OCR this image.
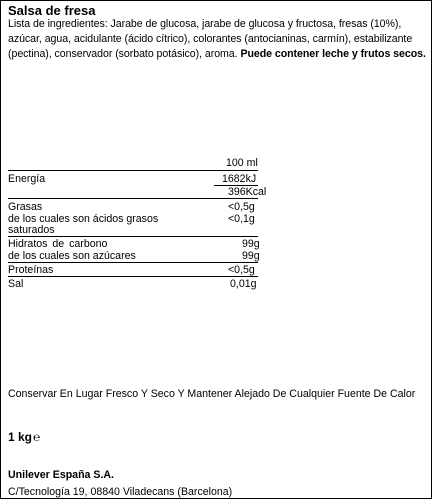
Salsa de fresa
Lista de ingredientes: Jarabe de glucosa, jarabe de glucosa y fructosa, fresas (10%), azúcar, agua, acidulante (ácido cítrico), colorantes (antocianinas, carmín), estabilizante (pectina), conservador (sorbato potásico), aroma. Puede contener leche y frutos secos.
100 ml
Energía	1682kJ
396Kcal
Grasas	<0,5g
de los cuales son ácidos grasos	<0,1g
saturados
Hidratos de carbono	99g
de los cuales son azúcares	99g
Proteínas	<0,5g
Sal	0,01g
Conservar En Lugar Fresco Y Seco Y Mantener Alejado De Cualquier Fuente De Calor
1 kg℮
Unilever España S.A.
C/Tecnología 19, 08840 Viladecans (Barcelona)
